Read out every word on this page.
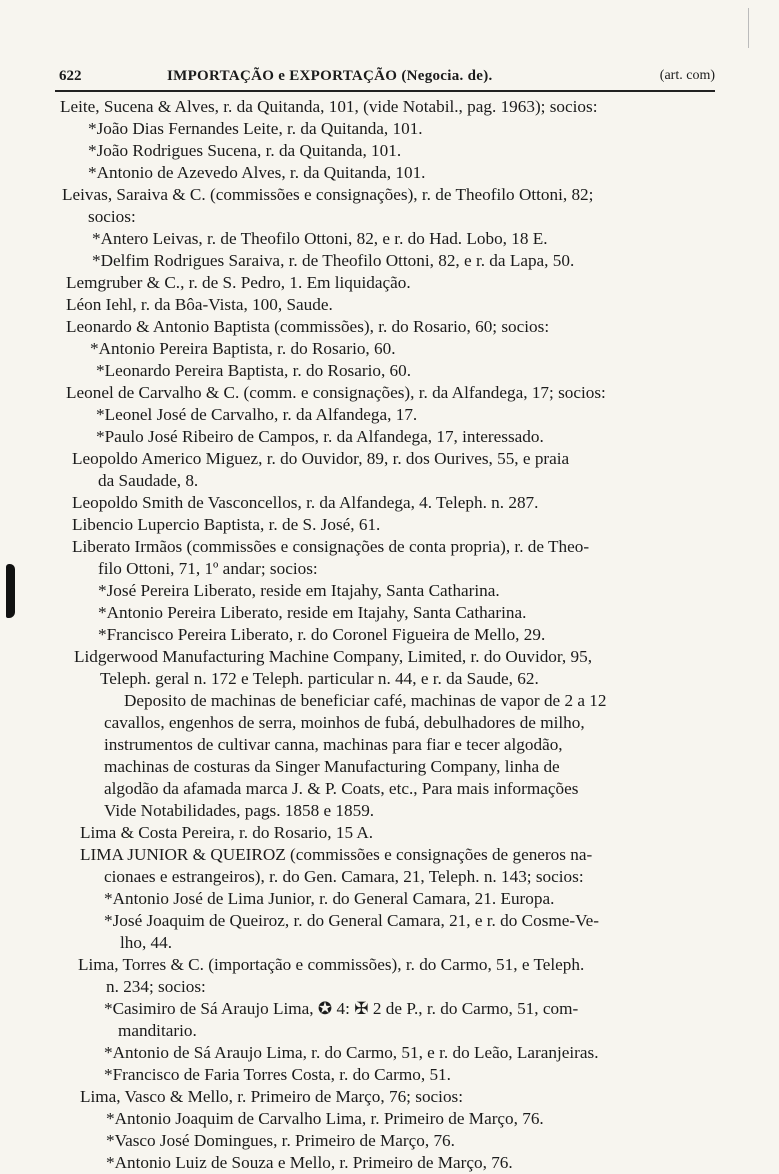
622	IMPORTAÇÃO e EXPORTAÇÃO (Negocia. de).	(art. com)
Leite, Sucena & Alves, r. da Quitanda, 101, (vide Notabil., pag. 1963); socios:
*João Dias Fernandes Leite, r. da Quitanda, 101.
*João Rodrigues Sucena, r. da Quitanda, 101.
*Antonio de Azevedo Alves, r. da Quitanda, 101.
Leivas, Saraiva & C. (commissões e consignações), r. de Theofilo Ottoni, 82;
socios:
*Antero Leivas, r. de Theofilo Ottoni, 82, e r. do Had. Lobo, 18 E.
*Delfim Rodrigues Saraiva, r. de Theofilo Ottoni, 82, e r. da Lapa, 50.
Lemgruber & C., r. de S. Pedro, 1. Em liquidação.
Léon Iehl, r. da Bôa-Vista, 100, Saude.
Leonardo & Antonio Baptista (commissões), r. do Rosario, 60; socios:
*Antonio Pereira Baptista, r. do Rosario, 60.
*Leonardo Pereira Baptista, r. do Rosario, 60.
Leonel de Carvalho & C. (comm. e consignações), r. da Alfandega, 17; socios:
*Leonel José de Carvalho, r. da Alfandega, 17.
*Paulo José Ribeiro de Campos, r. da Alfandega, 17, interessado.
Leopoldo Americo Miguez, r. do Ouvidor, 89, r. dos Ourives, 55, e praia
da Saudade, 8.
Leopoldo Smith de Vasconcellos, r. da Alfandega, 4. Teleph. n. 287.
Libencio Lupercio Baptista, r. de S. José, 61.
Liberato Irmãos (commissões e consignações de conta propria), r. de Theo-
filo Ottoni, 71, 1º andar; socios:
*José Pereira Liberato, reside em Itajahy, Santa Catharina.
*Antonio Pereira Liberato, reside em Itajahy, Santa Catharina.
*Francisco Pereira Liberato, r. do Coronel Figueira de Mello, 29.
Lidgerwood Manufacturing Machine Company, Limited, r. do Ouvidor, 95,
Teleph. geral n. 172 e Teleph. particular n. 44, e r. da Saude, 62.
Deposito de machinas de beneficiar café, machinas de vapor de 2 a 12
cavallos, engenhos de serra, moinhos de fubá, debulhadores de milho,
instrumentos de cultivar canna, machinas para fiar e tecer algodão,
machinas de costuras da Singer Manufacturing Company, linha de
algodão da afamada marca J. & P. Coats, etc., Para mais informações
Vide Notabilidades, pags. 1858 e 1859.
Lima & Costa Pereira, r. do Rosario, 15 A.
LIMA JUNIOR & QUEIROZ (commissões e consignações de generos na-
cionaes e estrangeiros), r. do Gen. Camara, 21, Teleph. n. 143; socios:
*Antonio José de Lima Junior, r. do General Camara, 21. Europa.
*José Joaquim de Queiroz, r. do General Camara, 21, e r. do Cosme-Ve-
lho, 44.
Lima, Torres & C. (importação e commissões), r. do Carmo, 51, e Teleph.
n. 234; socios:
*Casimiro de Sá Araujo Lima, ✪ 4: ✠ 2 de P., r. do Carmo, 51, com-
manditario.
*Antonio de Sá Araujo Lima, r. do Carmo, 51, e r. do Leão, Laranjeiras.
*Francisco de Faria Torres Costa, r. do Carmo, 51.
Lima, Vasco & Mello, r. Primeiro de Março, 76; socios:
*Antonio Joaquim de Carvalho Lima, r. Primeiro de Março, 76.
*Vasco José Domingues, r. Primeiro de Março, 76.
*Antonio Luiz de Souza e Mello, r. Primeiro de Março, 76.
